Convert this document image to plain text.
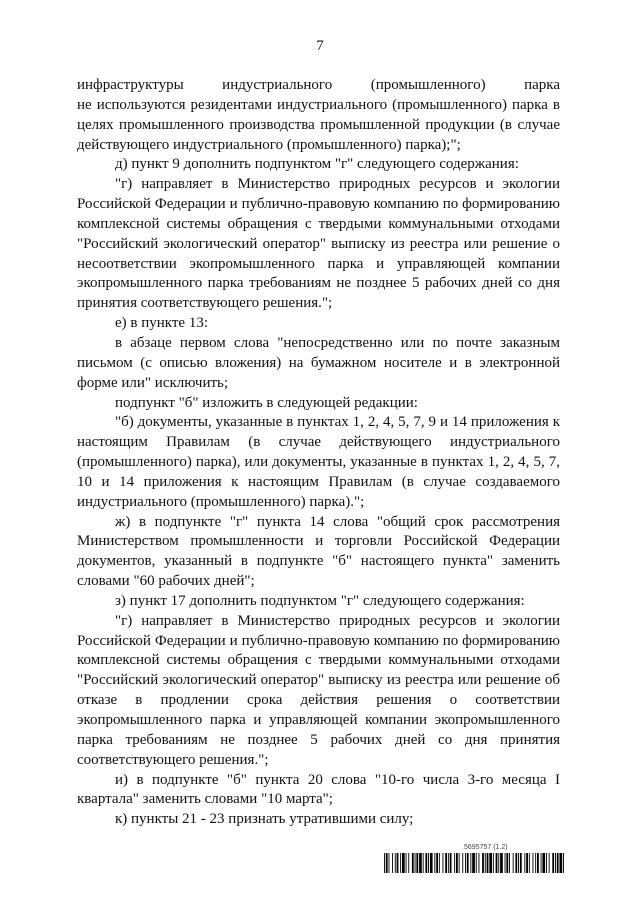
7

инфраструктуры индустриального (промышленного) парка

не используются резидентами индустриального (промышленного) парка в целях промышленного производства промышленной продукции (в случае действующего индустриального (промышленного) парка);";

д) пункт 9 дополнить подпунктом "г" следующего содержания:

"г) направляет в Министерство природных ресурсов и экологии Российской Федерации и публично-правовую компанию по формированию комплексной системы обращения с твердыми коммунальными отходами "Российский экологический оператор" выписку из реестра или решение о несоответствии экопромышленного парка и управляющей компании экопромышленного парка требованиям не позднее 5 рабочих дней со дня принятия соответствующего решения.";

е) в пункте 13:

в абзаце первом слова "непосредственно или по почте заказным письмом (с описью вложения) на бумажном носителе и в электронной форме или" исключить;

подпункт "б" изложить в следующей редакции:

"б) документы, указанные в пунктах 1, 2, 4, 5, 7, 9 и 14 приложения к настоящим Правилам (в случае действующего индустриального (промышленного) парка), или документы, указанные в пунктах 1, 2, 4, 5, 7, 10 и 14 приложения к настоящим Правилам (в случае создаваемого индустриального (промышленного) парка).";

ж) в подпункте "г" пункта 14 слова "общий срок рассмотрения Министерством промышленности и торговли Российской Федерации документов, указанный в подпункте "б" настоящего пункта" заменить словами "60 рабочих дней";

з) пункт 17 дополнить подпунктом "г" следующего содержания:

"г) направляет в Министерство природных ресурсов и экологии Российской Федерации и публично-правовую компанию по формированию комплексной системы обращения с твердыми коммунальными отходами "Российский экологический оператор" выписку из реестра или решение об отказе в продлении срока действия решения о соответствии экопромышленного парка и управляющей компании экопромышленного парка требованиям не позднее 5 рабочих дней со дня принятия соответствующего решения.";

и) в подпункте "б" пункта 20 слова "10-го числа 3-го месяца I квартала" заменить словами "10 марта";

к) пункты 21 - 23 признать утратившими силу;

5695757 (1.2)
